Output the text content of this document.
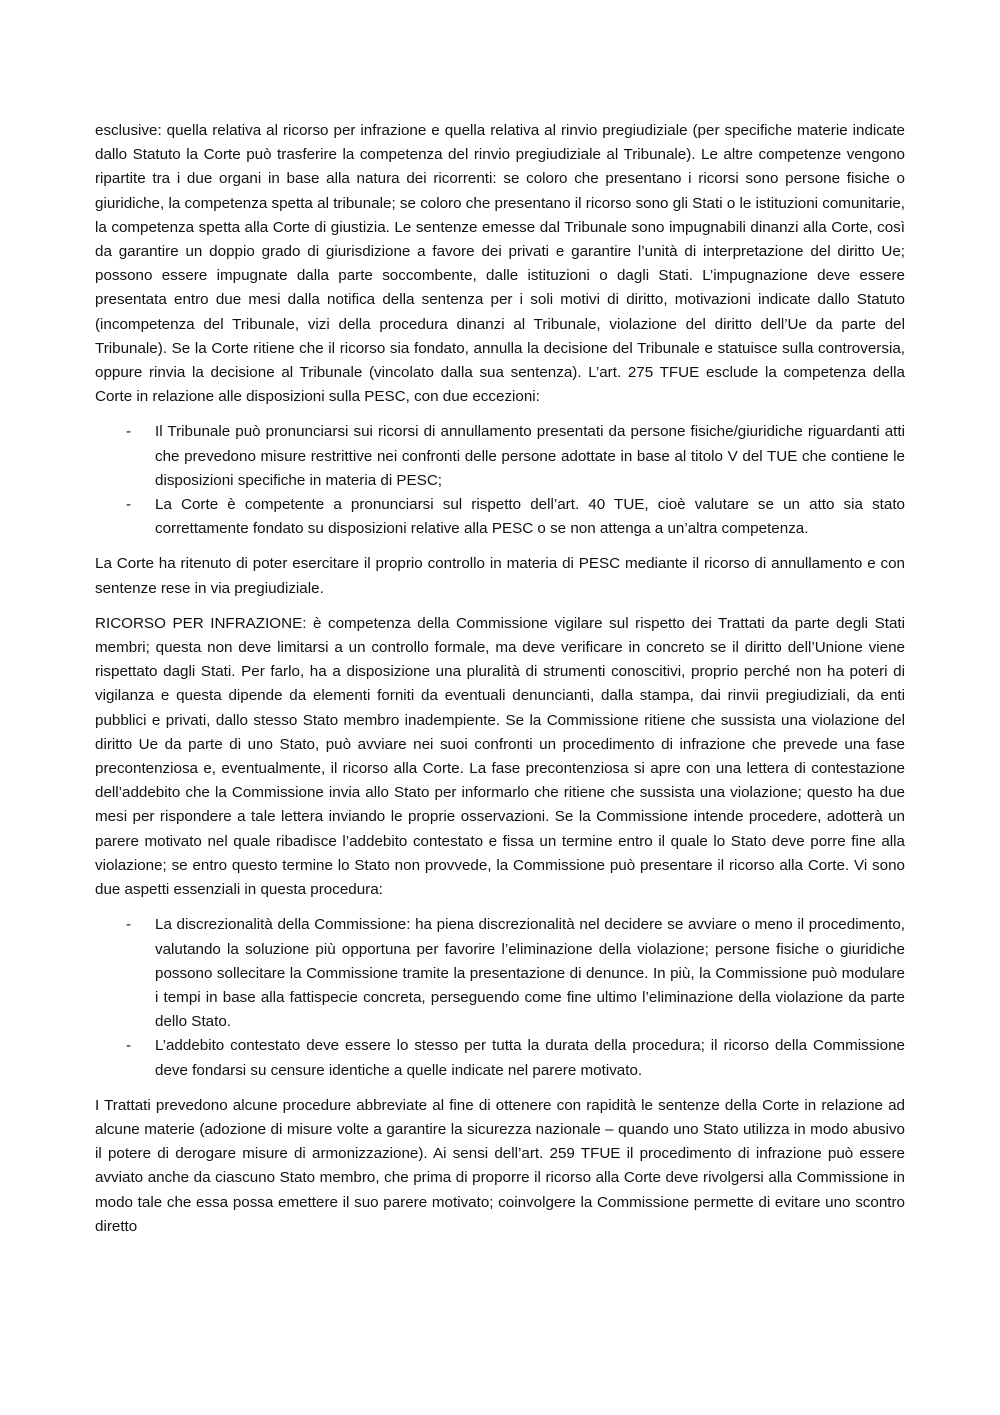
esclusive: quella relativa al ricorso per infrazione e quella relativa al rinvio pregiudiziale (per specifiche materie indicate dallo Statuto la Corte può trasferire la competenza del rinvio pregiudiziale al Tribunale). Le altre competenze vengono ripartite tra i due organi in base alla natura dei ricorrenti: se coloro che presentano i ricorsi sono persone fisiche o giuridiche, la competenza spetta al tribunale; se coloro che presentano il ricorso sono gli Stati o le istituzioni comunitarie, la competenza spetta alla Corte di giustizia. Le sentenze emesse dal Tribunale sono impugnabili dinanzi alla Corte, così da garantire un doppio grado di giurisdizione a favore dei privati e garantire l’unità di interpretazione del diritto Ue; possono essere impugnate dalla parte soccombente, dalle istituzioni o dagli Stati. L’impugnazione deve essere presentata entro due mesi dalla notifica della sentenza per i soli motivi di diritto, motivazioni indicate dallo Statuto (incompetenza del Tribunale, vizi della procedura dinanzi al Tribunale, violazione del diritto dell’Ue da parte del Tribunale). Se la Corte ritiene che il ricorso sia fondato, annulla la decisione del Tribunale e statuisce sulla controversia, oppure rinvia la decisione al Tribunale (vincolato dalla sua sentenza). L’art. 275 TFUE esclude la competenza della Corte in relazione alle disposizioni sulla PESC, con due eccezioni:

- Il Tribunale può pronunciarsi sui ricorsi di annullamento presentati da persone fisiche/giuridiche riguardanti atti che prevedono misure restrittive nei confronti delle persone adottate in base al titolo V del TUE che contiene le disposizioni specifiche in materia di PESC;
- La Corte è competente a pronunciarsi sul rispetto dell’art. 40 TUE, cioè valutare se un atto sia stato correttamente fondato su disposizioni relative alla PESC o se non attenga a un’altra competenza.

La Corte ha ritenuto di poter esercitare il proprio controllo in materia di PESC mediante il ricorso di annullamento e con sentenze rese in via pregiudiziale.

RICORSO PER INFRAZIONE: è competenza della Commissione vigilare sul rispetto dei Trattati da parte degli Stati membri; questa non deve limitarsi a un controllo formale, ma deve verificare in concreto se il diritto dell’Unione viene rispettato dagli Stati. Per farlo, ha a disposizione una pluralità di strumenti conoscitivi, proprio perché non ha poteri di vigilanza e questa dipende da elementi forniti da eventuali denuncianti, dalla stampa, dai rinvii pregiudiziali, da enti pubblici e privati, dallo stesso Stato membro inadempiente. Se la Commissione ritiene che sussista una violazione del diritto Ue da parte di uno Stato, può avviare nei suoi confronti un procedimento di infrazione che prevede una fase precontenziosa e, eventualmente, il ricorso alla Corte. La fase precontenziosa si apre con una lettera di contestazione dell’addebito che la Commissione invia allo Stato per informarlo che ritiene che sussista una violazione; questo ha due mesi per rispondere a tale lettera inviando le proprie osservazioni. Se la Commissione intende procedere, adotterà un parere motivato nel quale ribadisce l’addebito contestato e fissa un termine entro il quale lo Stato deve porre fine alla violazione; se entro questo termine lo Stato non provvede, la Commissione può presentare il ricorso alla Corte. Vi sono due aspetti essenziali in questa procedura:

- La discrezionalità della Commissione: ha piena discrezionalità nel decidere se avviare o meno il procedimento, valutando la soluzione più opportuna per favorire l’eliminazione della violazione; persone fisiche o giuridiche possono sollecitare la Commissione tramite la presentazione di denunce. In più, la Commissione può modulare i tempi in base alla fattispecie concreta, perseguendo come fine ultimo l’eliminazione della violazione da parte dello Stato.
- L’addebito contestato deve essere lo stesso per tutta la durata della procedura; il ricorso della Commissione deve fondarsi su censure identiche a quelle indicate nel parere motivato.

I Trattati prevedono alcune procedure abbreviate al fine di ottenere con rapidità le sentenze della Corte in relazione ad alcune materie (adozione di misure volte a garantire la sicurezza nazionale – quando uno Stato utilizza in modo abusivo il potere di derogare misure di armonizzazione). Ai sensi dell’art. 259 TFUE il procedimento di infrazione può essere avviato anche da ciascuno Stato membro, che prima di proporre il ricorso alla Corte deve rivolgersi alla Commissione in modo tale che essa possa emettere il suo parere motivato; coinvolgere la Commissione permette di evitare uno scontro diretto
